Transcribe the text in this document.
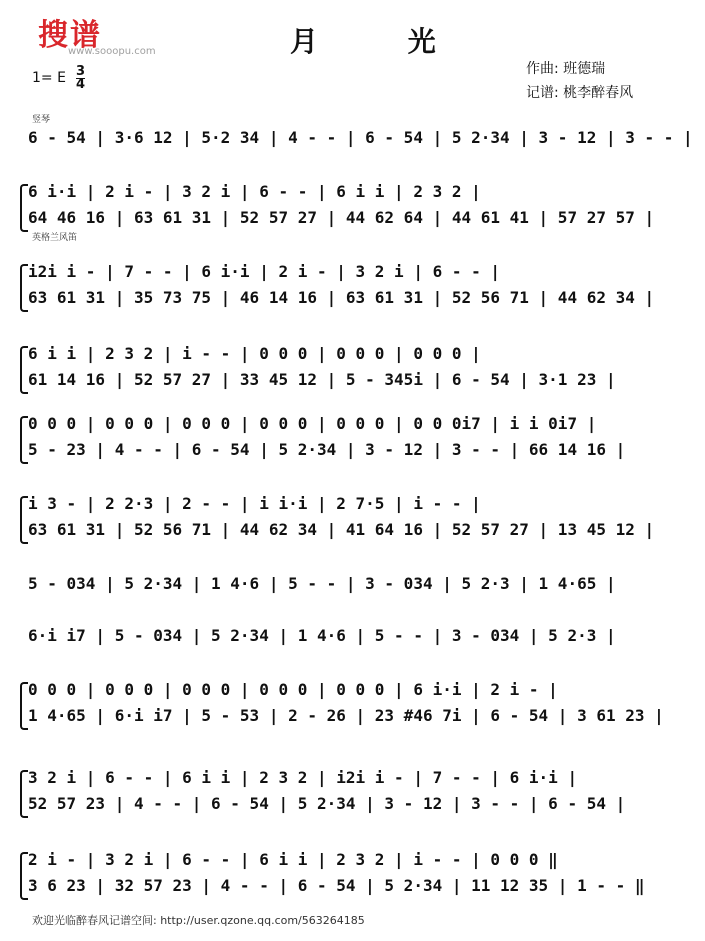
搜谱
www.sooopu.com	月 光
1= E $\frac{3}{4}$	作曲: 班德瑞
记谱: 桃李醉春风
竖琴
英格兰风笛
6 - 54 | 3·6 12 | 5·2 34 | 4 - - | 6 - 54 | 5 2·34 | 3 - 12 | 3 - - |
6 i·i | 2 i - | 3 2 i | 6 - - | 6 i i | 2 3 2 |
64 46 16 | 63 61 31 | 52 57 27 | 44 62 64 | 44 61 41 | 57 27 57 |
i2i i - | 7 - - | 6 i·i | 2 i - | 3 2 i | 6 - - |
63 61 31 | 35 73 75 | 46 14 16 | 63 61 31 | 52 56 71 | 44 62 34 |
6 i i | 2 3 2 | i - - | 0 0 0 | 0 0 0 | 0 0 0 |
61 14 16 | 52 57 27 | 33 45 12 | 5 - 345i | 6 - 54 | 3·1 23 |
0 0 0 | 0 0 0 | 0 0 0 | 0 0 0 | 0 0 0 | 0 0 0i7 | i i 0i7 |
5 - 23 | 4 - - | 6 - 54 | 5 2·34 | 3 - 12 | 3 - - | 66 14 16 |
i 3 - | 2 2·3 | 2 - - | i i·i | 2 7·5 | i - - |
63 61 31 | 52 56 71 | 44 62 34 | 41 64 16 | 52 57 27 | 13 45 12 |
5 - 034 | 5 2·34 | 1 4·6 | 5 - - | 3 - 034 | 5 2·3 | 1 4·65 |
6·i i7 | 5 - 034 | 5 2·34 | 1 4·6 | 5 - - | 3 - 034 | 5 2·3 |
0 0 0 | 0 0 0 | 0 0 0 | 0 0 0 | 0 0 0 | 6 i·i | 2 i - |
1 4·65 | 6·i i7 | 5 - 53 | 2 - 26 | 23 #46 7i | 6 - 54 | 3 61 23 |
3 2 i | 6 - - | 6 i i | 2 3 2 | i2i i - | 7 - - | 6 i·i |
52 57 23 | 4 - - | 6 - 54 | 5 2·34 | 3 - 12 | 3 - - | 6 - 54 |
2 i - | 3 2 i | 6 - - | 6 i i | 2 3 2 | i - - | 0 0 0 ‖
3 6 23 | 32 57 23 | 4 - - | 6 - 54 | 5 2·34 | 11 12 35 | 1 - - ‖
欢迎光临醉春风记谱空间: http://user.qzone.qq.com/563264185
